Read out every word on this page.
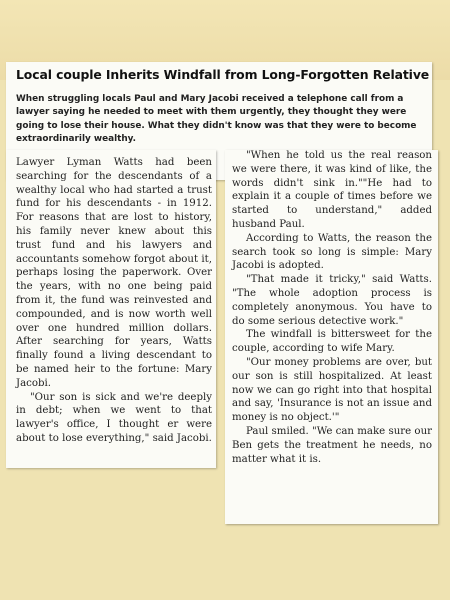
Local couple Inherits Windfall from Long-Forgotten Relative
When struggling locals Paul and Mary Jacobi received a telephone call from a lawyer saying he needed to meet with them urgently, they thought they were going to lose their house. What they didn't know was that they were to become extraordinarily wealthy.

Lawyer Lyman Watts had been searching for the descendants of a wealthy local who had started a trust fund for his descendants - in 1912. For reasons that are lost to history, his family never knew about this trust fund and his lawyers and accountants somehow forgot about it, perhaps losing the paperwork. Over the years, with no one being paid from it, the fund was reinvested and compounded, and is now worth well over one hundred million dollars. After searching for years, Watts finally found a living descendant to be named heir to the fortune: Mary Jacobi.

"Our son is sick and we're deeply in debt; when we went to that lawyer's office, I thought er were about to lose everything," said Jacobi.

"When he told us the real reason we were there, it was kind of like, the words didn't sink in.""He had to explain it a couple of times before we started to understand," added husband Paul.

According to Watts, the reason the search took so long is simple: Mary Jacobi is adopted.

"That made it tricky," said Watts. "The whole adoption process is completely anonymous. You have to do some serious detective work."

The windfall is bittersweet for the couple, according to wife Mary.

"Our money problems are over, but our son is still hospitalized. At least now we can go right into that hospital and say, 'Insurance is not an issue and money is no object.'"

Paul smiled. "We can make sure our Ben gets the treatment he needs, no matter what it is.
